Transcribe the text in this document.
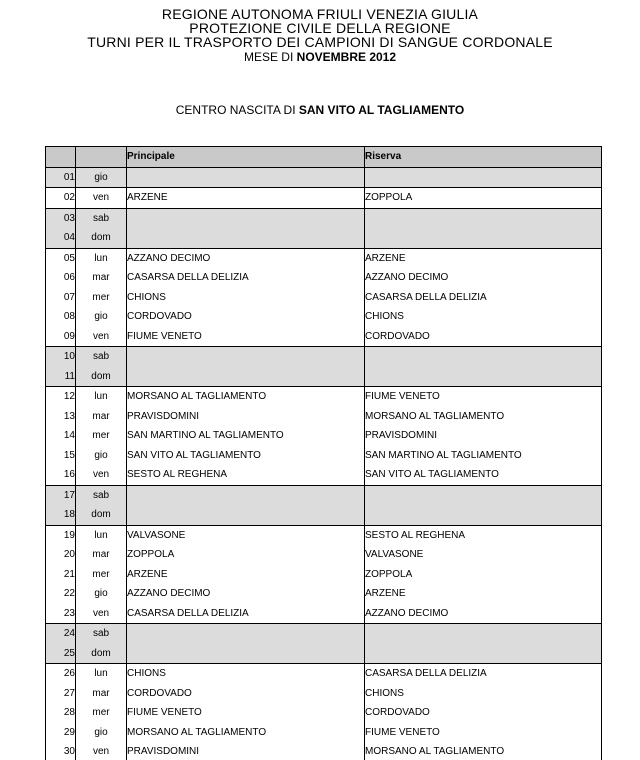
REGIONE AUTONOMA FRIULI VENEZIA GIULIA
PROTEZIONE CIVILE DELLA REGIONE
TURNI PER IL TRASPORTO DEI CAMPIONI DI SANGUE CORDONALE
MESE DI NOVEMBRE 2012
CENTRO NASCITA DI SAN VITO AL TAGLIAMENTO
		Principale	Riserva
01	gio		
02	ven	ARZENE	ZOPPOLA
03	sab		
04	dom		
05	lun	AZZANO DECIMO	ARZENE
06	mar	CASARSA DELLA DELIZIA	AZZANO DECIMO
07	mer	CHIONS	CASARSA DELLA DELIZIA
08	gio	CORDOVADO	CHIONS
09	ven	FIUME VENETO	CORDOVADO
10	sab		
11	dom		
12	lun	MORSANO AL TAGLIAMENTO	FIUME VENETO
13	mar	PRAVISDOMINI	MORSANO AL TAGLIAMENTO
14	mer	SAN MARTINO AL TAGLIAMENTO	PRAVISDOMINI
15	gio	SAN VITO AL TAGLIAMENTO	SAN MARTINO AL TAGLIAMENTO
16	ven	SESTO AL REGHENA	SAN VITO AL TAGLIAMENTO
17	sab		
18	dom		
19	lun	VALVASONE	SESTO AL REGHENA
20	mar	ZOPPOLA	VALVASONE
21	mer	ARZENE	ZOPPOLA
22	gio	AZZANO DECIMO	ARZENE
23	ven	CASARSA DELLA DELIZIA	AZZANO DECIMO
24	sab		
25	dom		
26	lun	CHIONS	CASARSA DELLA DELIZIA
27	mar	CORDOVADO	CHIONS
28	mer	FIUME VENETO	CORDOVADO
29	gio	MORSANO AL TAGLIAMENTO	FIUME VENETO
30	ven	PRAVISDOMINI	MORSANO AL TAGLIAMENTO
